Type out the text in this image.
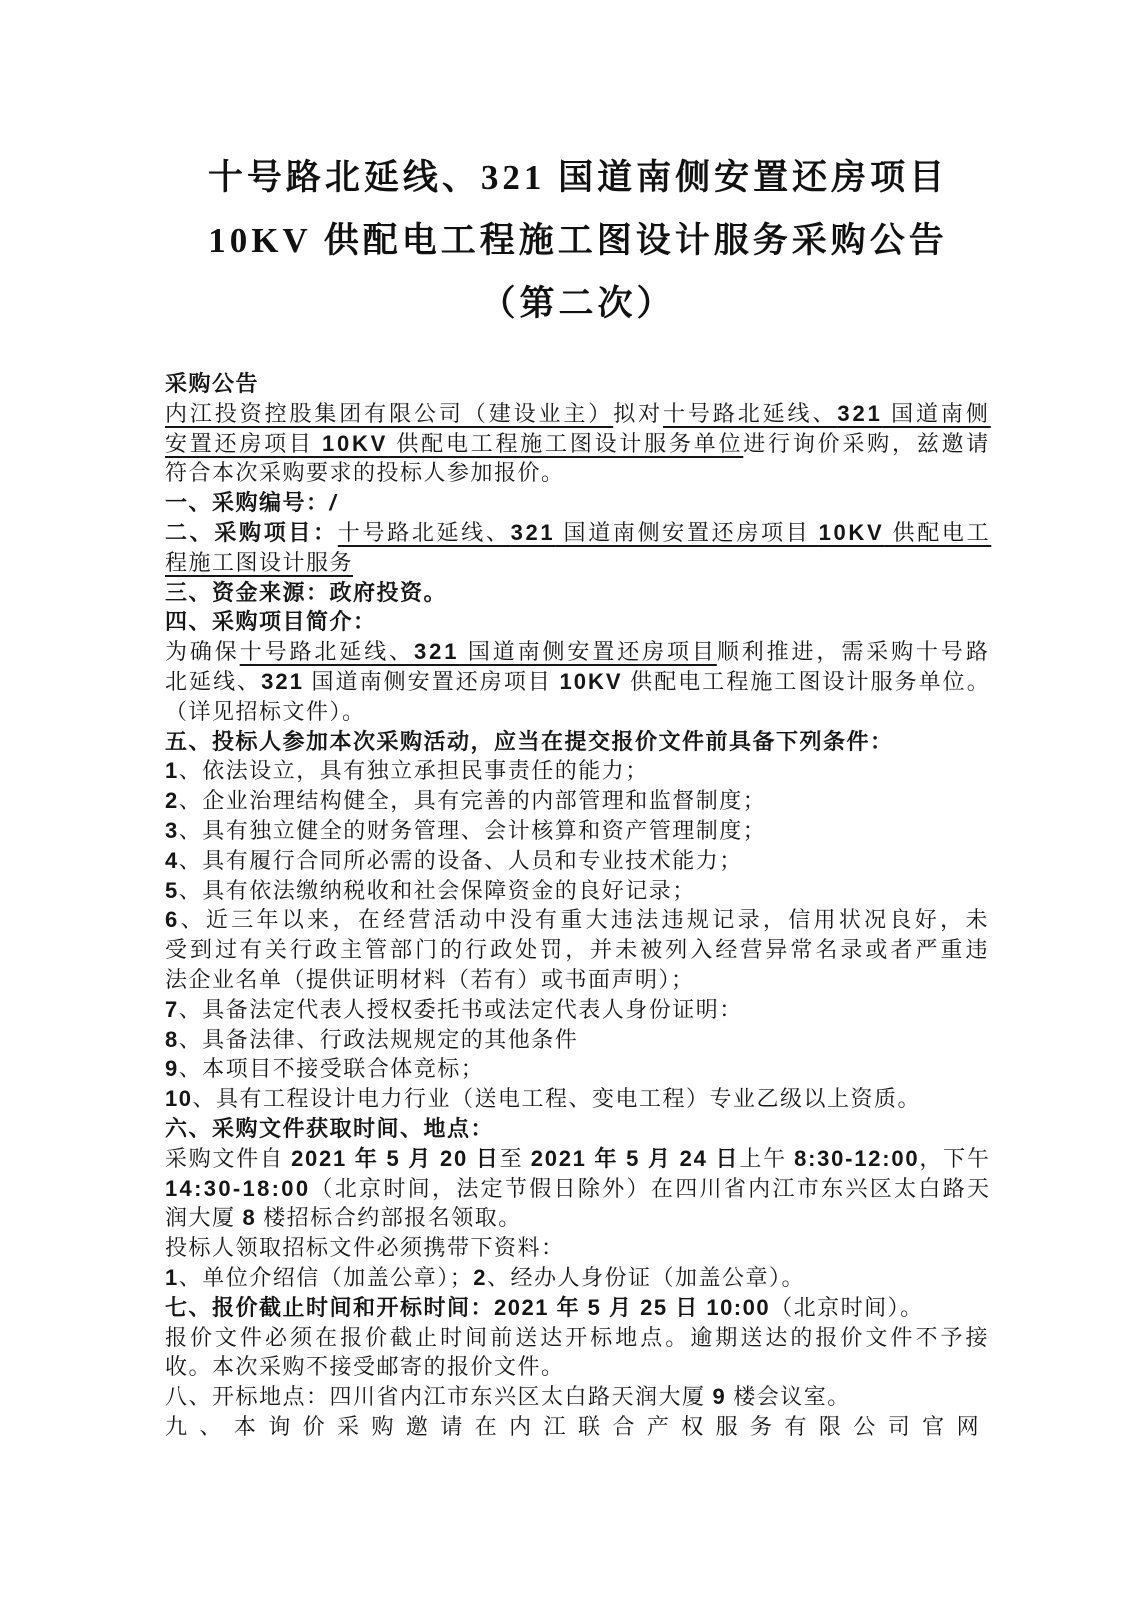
十号路北延线、321 国道南侧安置还房项目
10KV 供配电工程施工图设计服务采购公告
（第二次）
采购公告
内江投资控股集团有限公司（建设业主）拟对十号路北延线、321 国道南侧
安置还房项目 10KV 供配电工程施工图设计服务单位进行询价采购，兹邀请
符合本次采购要求的投标人参加报价。
一、采购编号：/
二、采购项目：十号路北延线、321 国道南侧安置还房项目 10KV 供配电工
程施工图设计服务
三、资金来源：政府投资。
四、采购项目简介：
为确保十号路北延线、321 国道南侧安置还房项目顺利推进，需采购十号路
北延线、321 国道南侧安置还房项目 10KV 供配电工程施工图设计服务单位。
（详见招标文件）。
五、投标人参加本次采购活动，应当在提交报价文件前具备下列条件：
1、依法设立，具有独立承担民事责任的能力；
2、企业治理结构健全，具有完善的内部管理和监督制度；
3、具有独立健全的财务管理、会计核算和资产管理制度；
4、具有履行合同所必需的设备、人员和专业技术能力；
5、具有依法缴纳税收和社会保障资金的良好记录；
6、近三年以来，在经营活动中没有重大违法违规记录，信用状况良好，未
受到过有关行政主管部门的行政处罚，并未被列入经营异常名录或者严重违
法企业名单（提供证明材料（若有）或书面声明）；
7、具备法定代表人授权委托书或法定代表人身份证明：
8、具备法律、行政法规规定的其他条件
9、本项目不接受联合体竞标；
10、具有工程设计电力行业（送电工程、变电工程）专业乙级以上资质。
六、采购文件获取时间、地点：
采购文件自 2021 年 5 月 20 日至 2021 年 5 月 24 日上午 8:30-12:00，下午
14:30-18:00（北京时间，法定节假日除外）在四川省内江市东兴区太白路天
润大厦 8 楼招标合约部报名领取。
投标人领取招标文件必须携带下资料：
1、单位介绍信（加盖公章）；2、经办人身份证（加盖公章）。
七、报价截止时间和开标时间：2021 年 5 月 25 日 10:00（北京时间）。
报价文件必须在报价截止时间前送达开标地点。逾期送达的报价文件不予接
收。本次采购不接受邮寄的报价文件。
八、开标地点：四川省内江市东兴区太白路天润大厦 9 楼会议室。
九、本询价采购邀请在内江联合产权服务有限公司官网
